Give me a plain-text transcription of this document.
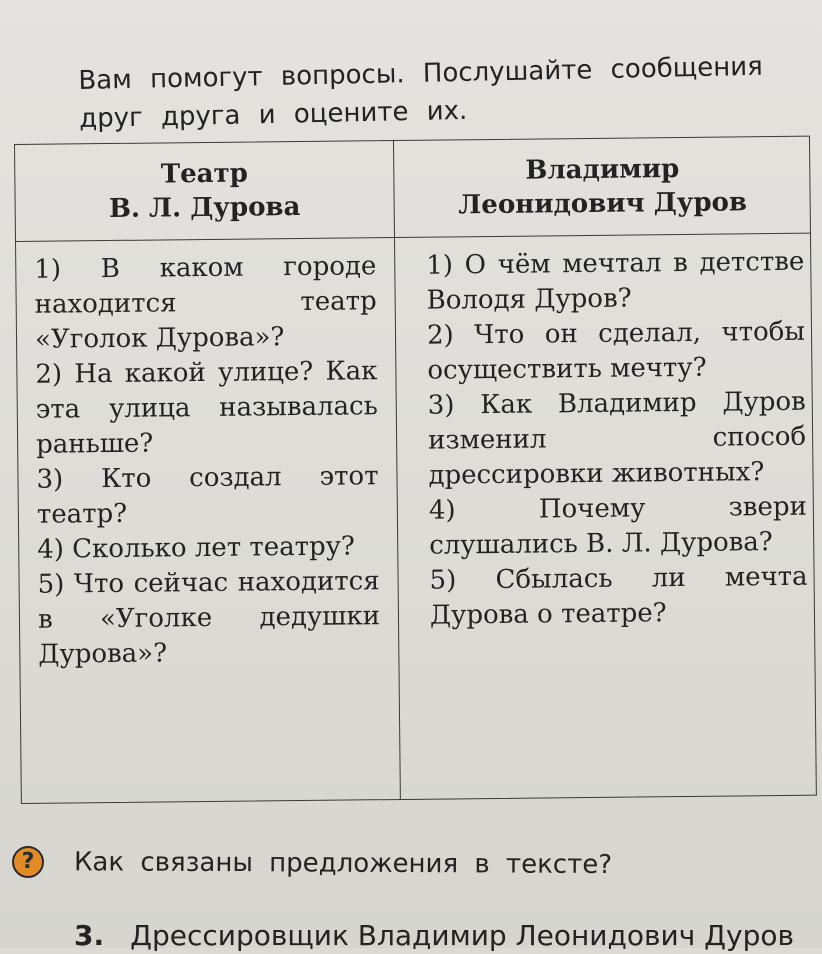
Вам помогут вопросы. Послушайте сообщения
друг друга и оцените их.
Театр
В. Л. Дурова
Владимир
Леонидович Дуров

1) В каком городе находится театр «Уголок Дурова»?

2) На какой улице? Как эта улица называлась раньше?

3) Кто создал этот театр?

4) Сколько лет театру?

5) Что сейчас находится в «Уголке дедушки Дурова»?

1) О чём мечтал в детстве Володя Дуров?

2) Что он сделал, чтобы осуществить мечту?

3) Как Владимир Дуров изменил способ дрессировки животных?

4) Почему звери слушались В. Л. Дурова?

5) Сбылась ли мечта Дурова о театре?

?	Как связаны предложения в тексте?
3. Дрессировщик Владимир Леонидович Дуров
